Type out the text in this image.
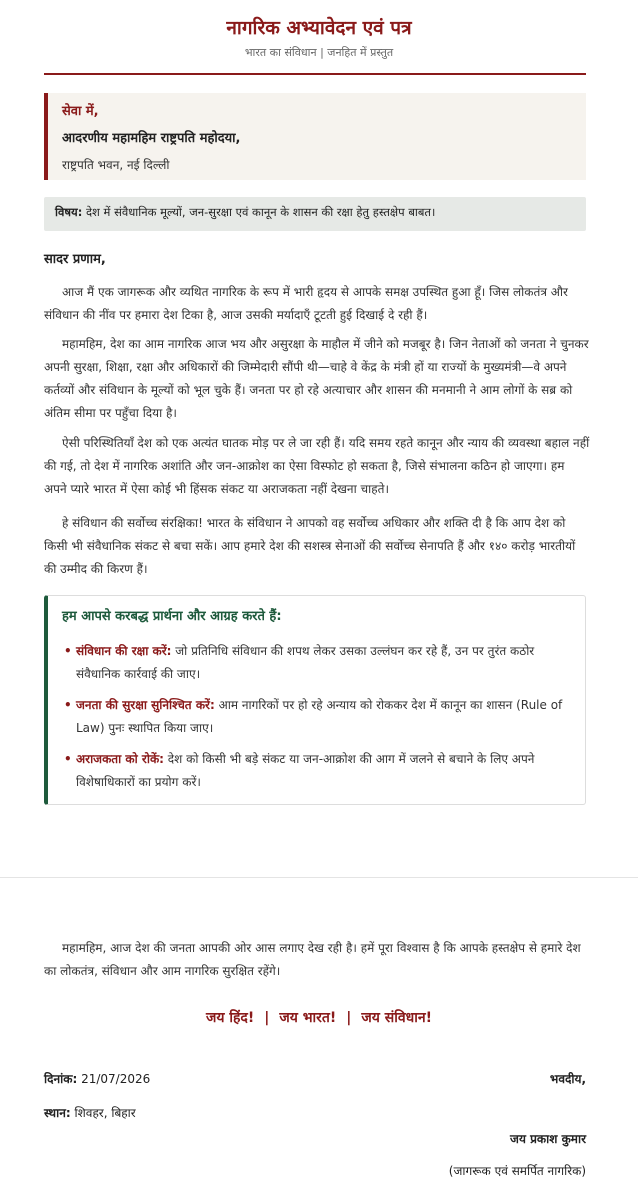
नागरिक अभ्यावेदन एवं पत्र
भारत का संविधान | जनहित में प्रस्तुत
सेवा में,
आदरणीय महामहिम राष्ट्रपति महोदया,
राष्ट्रपति भवन, नई दिल्ली
विषय: देश में संवैधानिक मूल्यों, जन-सुरक्षा एवं कानून के शासन की रक्षा हेतु हस्तक्षेप बाबत।
सादर प्रणाम,
आज मैं एक जागरूक और व्यथित नागरिक के रूप में भारी हृदय से आपके समक्ष उपस्थित हुआ हूँ। जिस लोकतंत्र और संविधान की नींव पर हमारा देश टिका है, आज उसकी मर्यादाएँ टूटती हुई दिखाई दे रही हैं।
महामहिम, देश का आम नागरिक आज भय और असुरक्षा के माहौल में जीने को मजबूर है। जिन नेताओं को जनता ने चुनकर अपनी सुरक्षा, शिक्षा, रक्षा और अधिकारों की जिम्मेदारी सौंपी थी—चाहे वे केंद्र के मंत्री हों या राज्यों के मुख्यमंत्री—वे अपने कर्तव्यों और संविधान के मूल्यों को भूल चुके हैं। जनता पर हो रहे अत्याचार और शासन की मनमानी ने आम लोगों के सब्र को अंतिम सीमा पर पहुँचा दिया है।
ऐसी परिस्थितियाँ देश को एक अत्यंत घातक मोड़ पर ले जा रही हैं। यदि समय रहते कानून और न्याय की व्यवस्था बहाल नहीं की गई, तो देश में नागरिक अशांति और जन-आक्रोश का ऐसा विस्फोट हो सकता है, जिसे संभालना कठिन हो जाएगा। हम अपने प्यारे भारत में ऐसा कोई भी हिंसक संकट या अराजकता नहीं देखना चाहते।
हे संविधान की सर्वोच्च संरक्षिका! भारत के संविधान ने आपको वह सर्वोच्च अधिकार और शक्ति दी है कि आप देश को किसी भी संवैधानिक संकट से बचा सकें। आप हमारे देश की सशस्त्र सेनाओं की सर्वोच्च सेनापति हैं और १४० करोड़ भारतीयों की उम्मीद की किरण हैं।
हम आपसे करबद्ध प्रार्थना और आग्रह करते हैं:
• संविधान की रक्षा करें: जो प्रतिनिधि संविधान की शपथ लेकर उसका उल्लंघन कर रहे हैं, उन पर तुरंत कठोर संवैधानिक कार्रवाई की जाए।
• जनता की सुरक्षा सुनिश्चित करें: आम नागरिकों पर हो रहे अन्याय को रोककर देश में कानून का शासन (Rule of Law) पुनः स्थापित किया जाए।
• अराजकता को रोकें: देश को किसी भी बड़े संकट या जन-आक्रोश की आग में जलने से बचाने के लिए अपने विशेषाधिकारों का प्रयोग करें।
महामहिम, आज देश की जनता आपकी ओर आस लगाए देख रही है। हमें पूरा विश्वास है कि आपके हस्तक्षेप से हमारे देश का लोकतंत्र, संविधान और आम नागरिक सुरक्षित रहेंगे।
जय हिंद! | जय भारत! | जय संविधान!
दिनांक: 21/07/2026
स्थान: शिवहर, बिहार
भवदीय,
जय प्रकाश कुमार
(जागरूक एवं समर्पित नागरिक)
